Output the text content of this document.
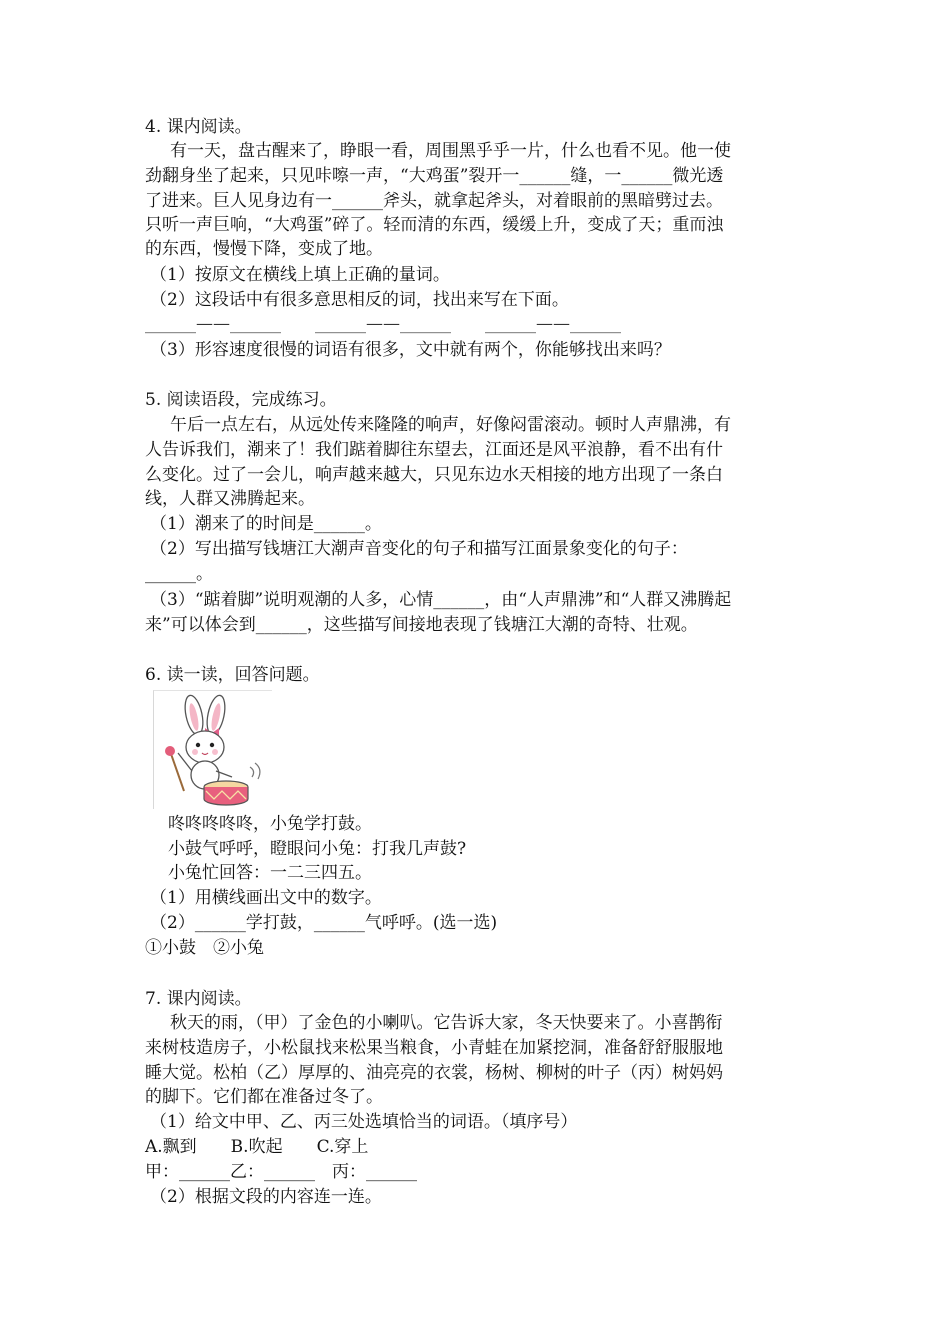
4. 课内阅读。
有一天，盘古醒来了，睁眼一看，周围黑乎乎一片，什么也看不见。他一使
劲翻身坐了起来，只见咔嚓一声，“大鸡蛋”裂开一______缝，一______微光透
了进来。巨人见身边有一______斧头，就拿起斧头，对着眼前的黑暗劈过去。
只听一声巨响，“大鸡蛋”碎了。轻而清的东西，缓缓上升，变成了天；重而浊
的东西，慢慢下降，变成了地。
（1）按原文在横线上填上正确的量词。
（2）这段话中有很多意思相反的词，找出来写在下面。
______——______　　______——______　　______——______
（3）形容速度很慢的词语有很多，文中就有两个，你能够找出来吗？
5. 阅读语段，完成练习。
午后一点左右，从远处传来隆隆的响声，好像闷雷滚动。顿时人声鼎沸，有
人告诉我们，潮来了！我们踮着脚往东望去，江面还是风平浪静，看不出有什
么变化。过了一会儿，响声越来越大，只见东边水天相接的地方出现了一条白
线，人群又沸腾起来。
（1）潮来了的时间是______。
（2）写出描写钱塘江大潮声音变化的句子和描写江面景象变化的句子：
______。
（3）“踮着脚”说明观潮的人多，心情______，由“人声鼎沸”和“人群又沸腾起
来”可以体会到______，这些描写间接地表现了钱塘江大潮的奇特、壮观。
6. 读一读，回答问题。
咚咚咚咚咚，小兔学打鼓。
小鼓气呼呼，瞪眼问小兔：打我几声鼓?
小兔忙回答：一二三四五。
（1）用横线画出文中的数字。
（2）______学打鼓，______气呼呼。(选一选)
①小鼓　②小兔
7. 课内阅读。
秋天的雨，（甲）了金色的小喇叭。它告诉大家，冬天快要来了。小喜鹊衔
来树枝造房子，小松鼠找来松果当粮食，小青蛙在加紧挖洞，准备舒舒服服地
睡大觉。松柏（乙）厚厚的、油亮亮的衣裳，杨树、柳树的叶子（丙）树妈妈
的脚下。它们都在准备过冬了。
（1）给文中甲、乙、丙三处选填恰当的词语。（填序号）
A.飘到　　B.吹起　　C.穿上
甲：______乙：______　丙：______
（2）根据文段的内容连一连。
